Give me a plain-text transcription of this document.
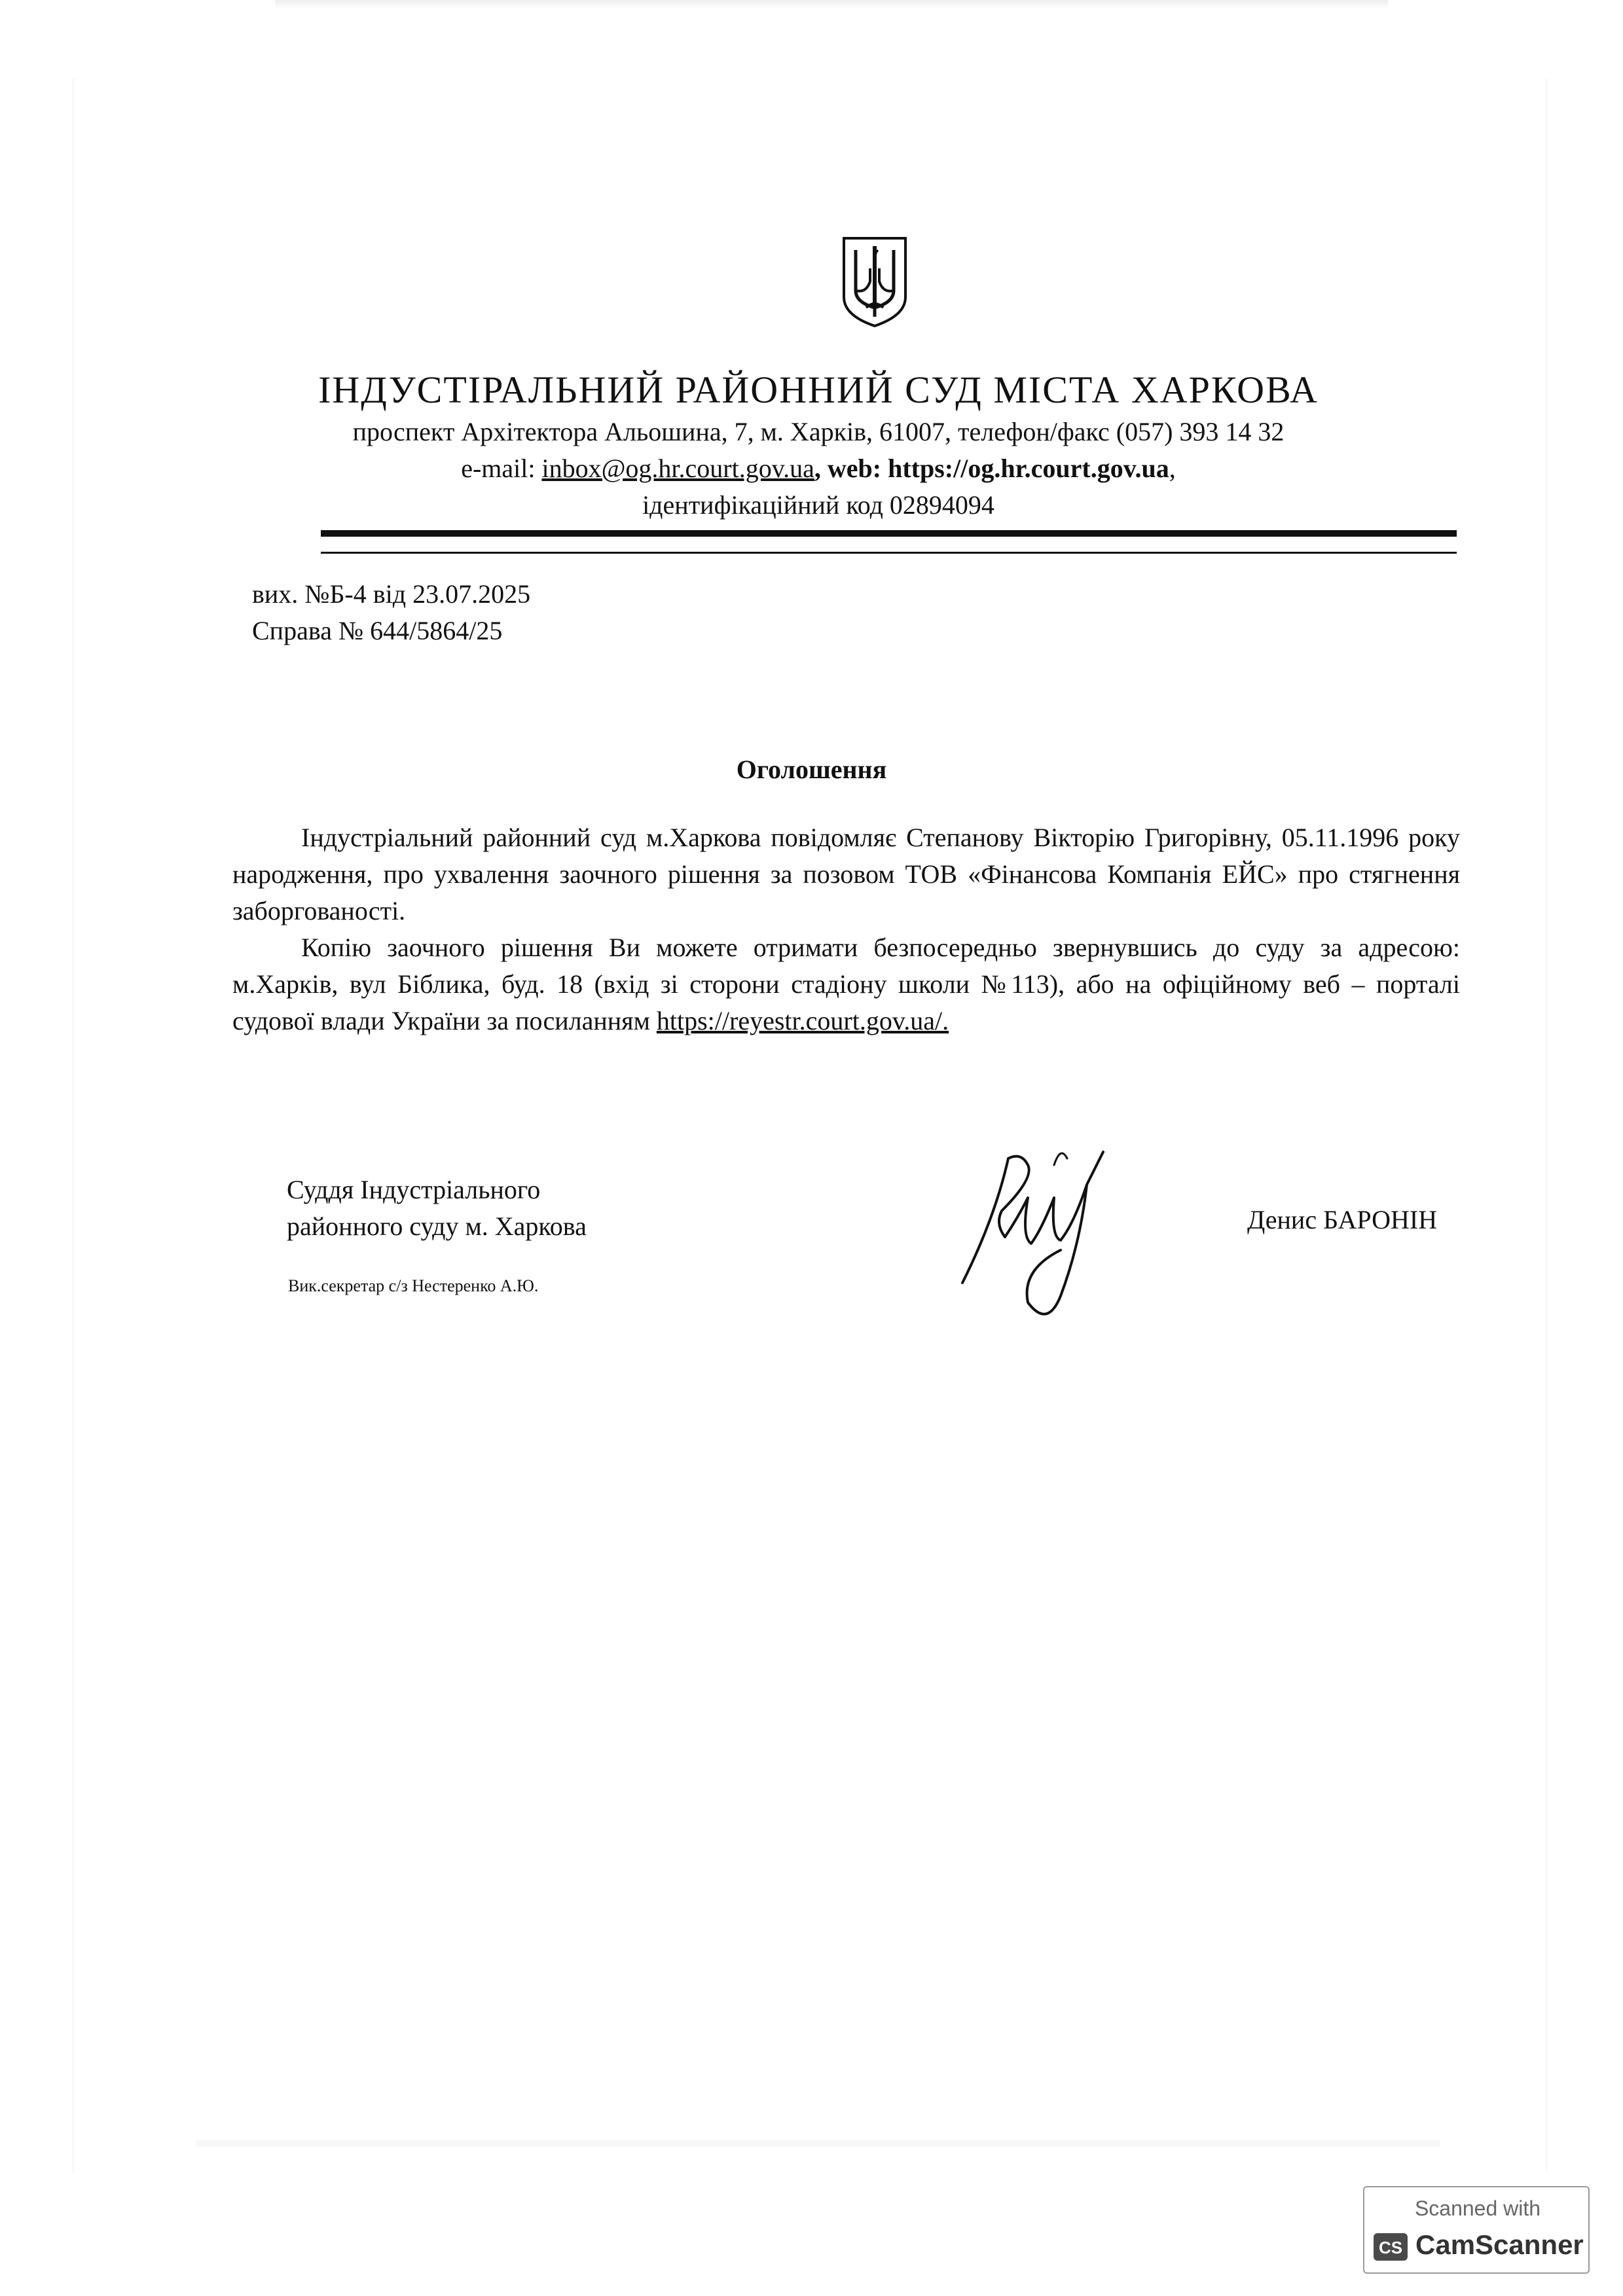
ІНДУСТІРАЛЬНИЙ РАЙОННИЙ СУД МІСТА ХАРКОВА

проспект Архітектора Альошина, 7, м. Харків, 61007, телефон/факс (057) 393 14 32

e-mail: inbox@og.hr.court.gov.ua, web: https://og.hr.court.gov.ua,

ідентифікаційний код 02894094

вих. №Б-4 від 23.07.2025
Справа № 644/5864/25
Оголошення

Індустріальний районний суд м.Харкова повідомляє Степанову Вікторію Григорівну, 05.11.1996 року народження, про ухвалення заочного рішення за позовом ТОВ «Фінансова Компанія ЕЙС» про стягнення заборгованості.

Копію заочного рішення Ви можете отримати безпосередньо звернувшись до суду за адресою: м.Харків, вул Біблика, буд. 18 (вхід зі сторони стадіону школи №113), або на офіційному веб – порталі судової влади України за посиланням https://reyestr.court.gov.ua/.

Суддя Індустріального
районного суду м. Харкова
Вик.секретар с/з Нестеренко А.Ю.
Денис БАРОНІН
Scanned with
CS CamScanner
